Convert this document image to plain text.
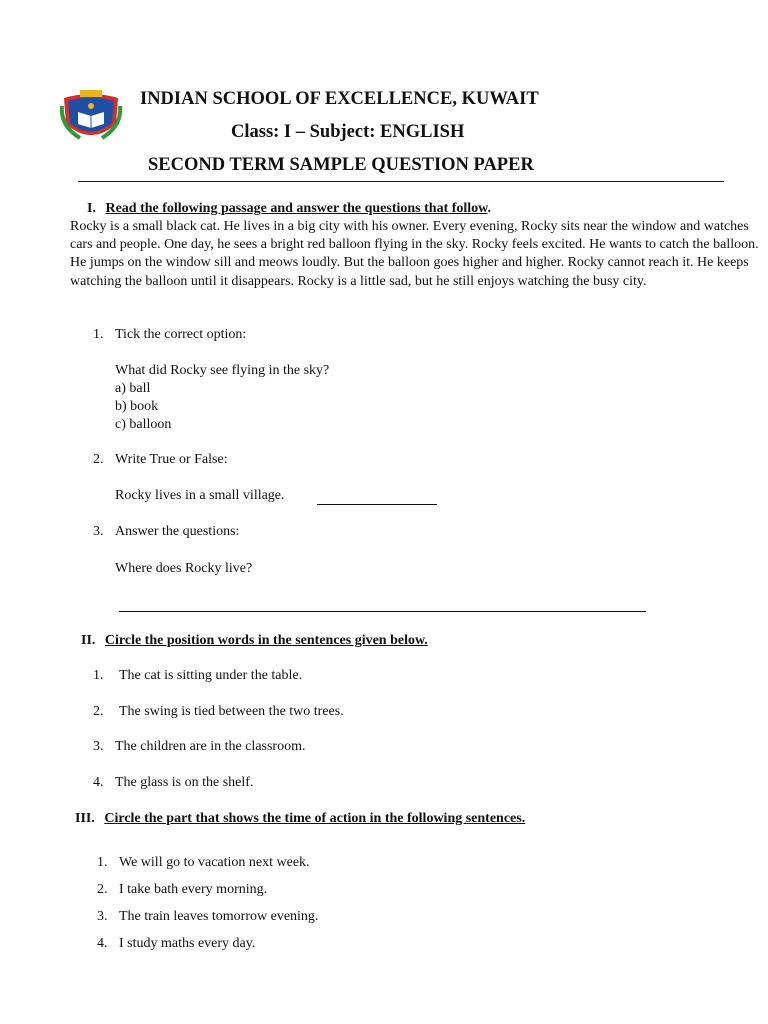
INDIAN SCHOOL OF EXCELLENCE, KUWAIT
Class: I – Subject: ENGLISH
SECOND TERM SAMPLE QUESTION PAPER
I. Read the following passage and answer the questions that follow.
Rocky is a small black cat. He lives in a big city with his owner. Every evening, Rocky sits near the window and watches cars and people. One day, he sees a bright red balloon flying in the sky. Rocky feels excited. He wants to catch the balloon. He jumps on the window sill and meows loudly. But the balloon goes higher and higher. Rocky cannot reach it. He keeps watching the balloon until it disappears. Rocky is a little sad, but he still enjoys watching the busy city.
1. Tick the correct option:
What did Rocky see flying in the sky?
a) ball
b) book
c) balloon
2. Write True or False:
Rocky lives in a small village.
3. Answer the questions:
Where does Rocky live?
II. Circle the position words in the sentences given below.
1. The cat is sitting under the table.
2. The swing is tied between the two trees.
3. The children are in the classroom.
4. The glass is on the shelf.
III. Circle the part that shows the time of action in the following sentences.
1. We will go to vacation next week.
2. I take bath every morning.
3. The train leaves tomorrow evening.
4. I study maths every day.
